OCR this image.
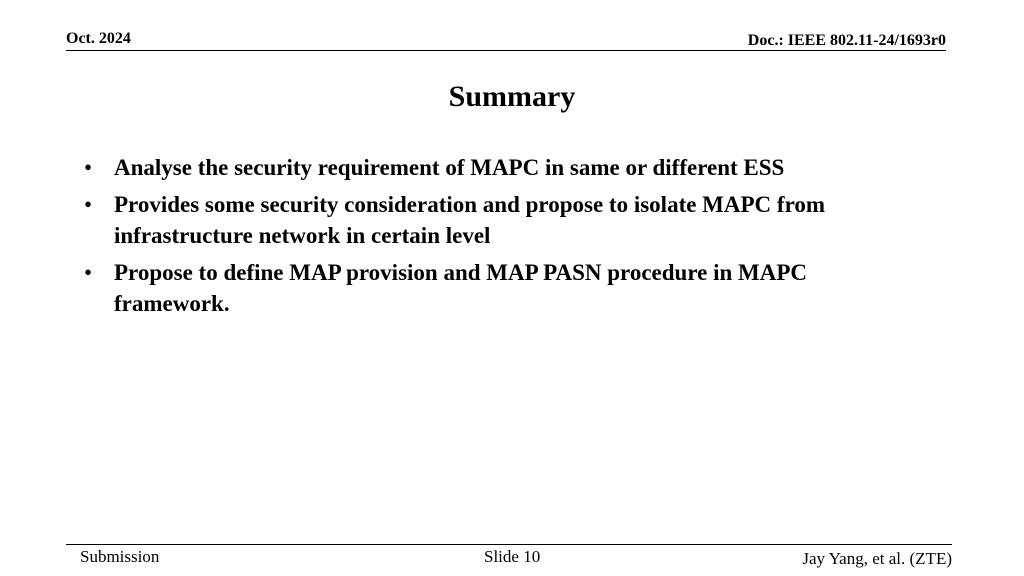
Oct. 2024	Doc.: IEEE 802.11-24/1693r0
Summary
• Analyse the security requirement of MAPC in same or different ESS
• Provides some security consideration and propose to isolate MAPC from infrastructure network in certain level
• Propose to define MAP provision and MAP PASN procedure in MAPC framework.
Submission	Slide 10	Jay Yang, et al. (ZTE)
